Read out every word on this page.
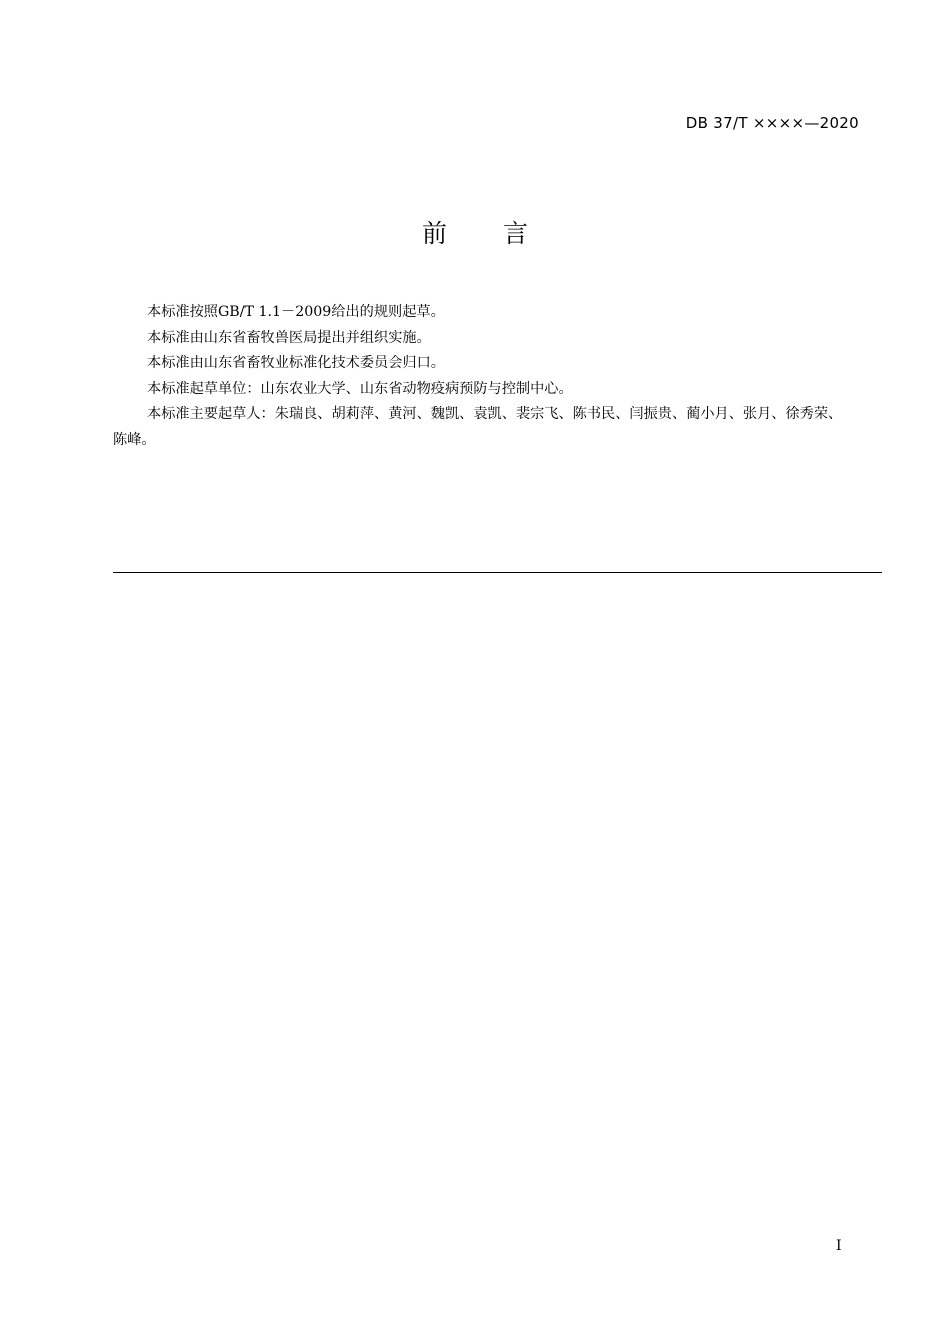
DB 37/T ××××—2020
前言

本标准按照GB/T 1.1－2009给出的规则起草。

本标准由山东省畜牧兽医局提出并组织实施。

本标准由山东省畜牧业标准化技术委员会归口。

本标准起草单位：山东农业大学、山东省动物疫病预防与控制中心。

本标准主要起草人：朱瑞良、胡莉萍、黄河、魏凯、袁凯、裴宗飞、陈书民、闫振贵、蔺小月、张月、徐秀荣、陈峰。

I
